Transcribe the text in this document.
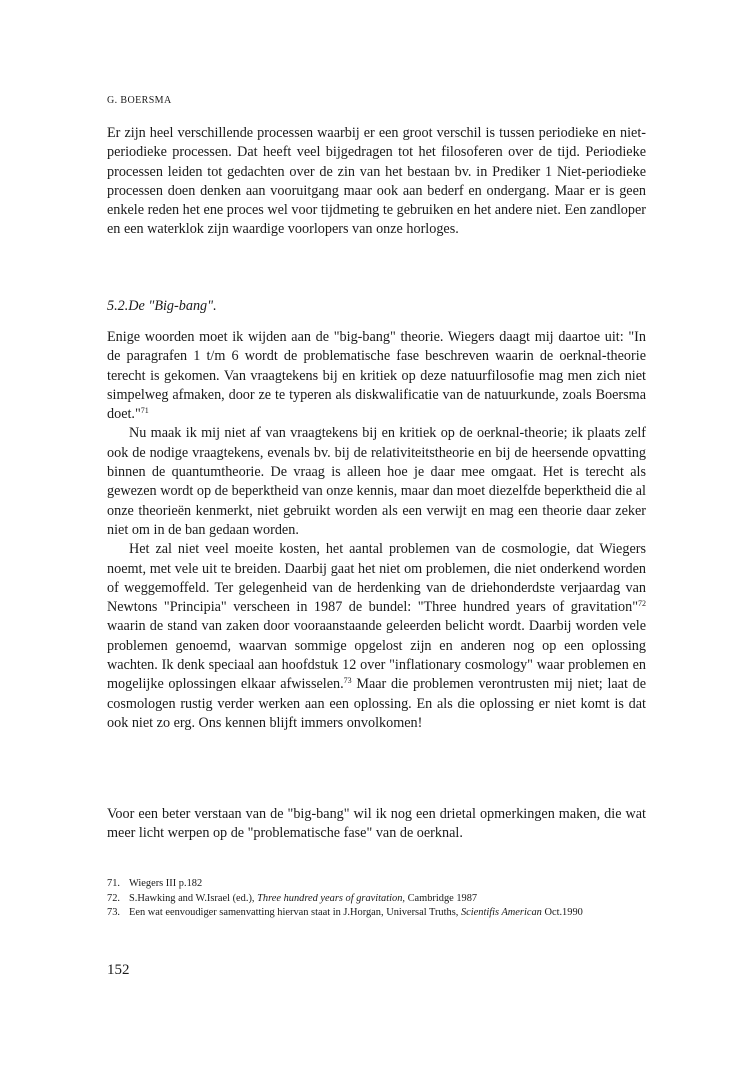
G. BOERSMA

Er zijn heel verschillende processen waarbij er een groot verschil is tussen periodieke en niet-periodieke processen. Dat heeft veel bijgedragen tot het filosoferen over de tijd. Periodieke processen leiden tot gedachten over de zin van het bestaan bv. in Prediker 1 Niet-periodieke processen doen denken aan vooruitgang maar ook aan bederf en ondergang. Maar er is geen enkele reden het ene proces wel voor tijdmeting te gebruiken en het andere niet. Een zandloper en een waterklok zijn waardige voorlopers van onze horloges.

5.2.De "Big-bang".

Enige woorden moet ik wijden aan de "big-bang" theorie. Wiegers daagt mij daartoe uit: "In de paragrafen 1 t/m 6 wordt de problematische fase beschreven waarin de oerknal-theorie terecht is gekomen. Van vraagtekens bij en kritiek op deze natuurfilosofie mag men zich niet simpelweg afmaken, door ze te typeren als diskwalificatie van de natuurkunde, zoals Boersma doet."$^{71}$

Nu maak ik mij niet af van vraagtekens bij en kritiek op de oerknal-theorie; ik plaats zelf ook de nodige vraagtekens, evenals bv. bij de relativiteitstheorie en bij de heersende opvatting binnen de quantumtheorie. De vraag is alleen hoe je daar mee omgaat. Het is terecht als gewezen wordt op de beperktheid van onze kennis, maar dan moet diezelfde beperktheid die al onze theorieën kenmerkt, niet gebruikt worden als een verwijt en mag een theorie daar zeker niet om in de ban gedaan worden.

Het zal niet veel moeite kosten, het aantal problemen van de cosmologie, dat Wiegers noemt, met vele uit te breiden. Daarbij gaat het niet om problemen, die niet onderkend worden of weggemoffeld. Ter gelegenheid van de herdenking van de driehonderdste verjaardag van Newtons "Principia" verscheen in 1987 de bundel: "Three hundred years of gravitation"$^{72}$ waarin de stand van zaken door vooraanstaande geleerden belicht wordt. Daarbij worden vele problemen genoemd, waarvan sommige opgelost zijn en anderen nog op een oplossing wachten. Ik denk speciaal aan hoofdstuk 12 over "inflationary cosmology" waar problemen en mogelijke oplossingen elkaar afwisselen.$^{73}$ Maar die problemen verontrusten mij niet; laat de cosmologen rustig verder werken aan een oplossing. En als die oplossing er niet komt is dat ook niet zo erg. Ons kennen blijft immers onvolkomen!

Voor een beter verstaan van de "big-bang" wil ik nog een drietal opmerkingen maken, die wat meer licht werpen op de "problematische fase" van de oerknal.

71. Wiegers III p.182
72. S.Hawking and W.Israel (ed.), Three hundred years of gravitation, Cambridge 1987
73. Een wat eenvoudiger samenvatting hiervan staat in J.Horgan, Universal Truths, Scientifis American Oct.1990
152
